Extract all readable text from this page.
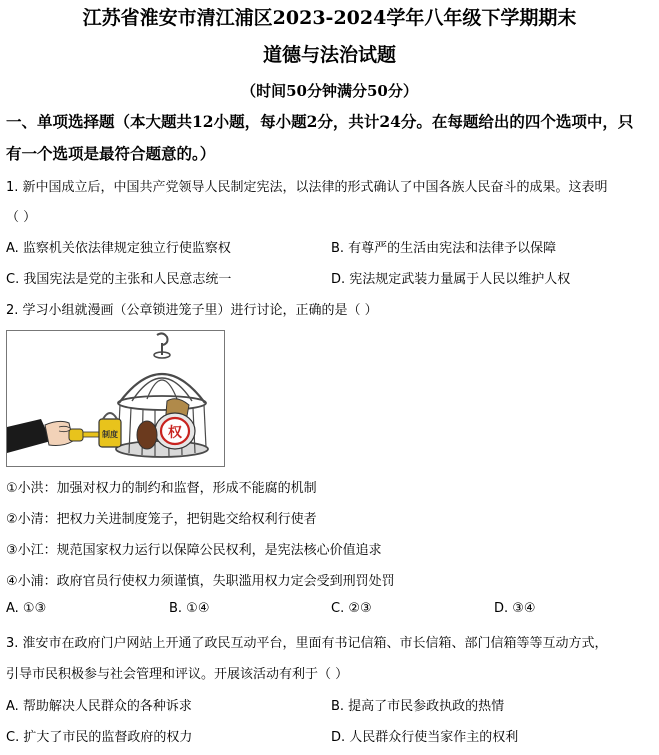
江苏省淮安市清江浦区2023-2024学年八年级下学期期末
道德与法治试题
（时间50分钟满分50分）
一、单项选择题（本大题共12小题，每小题2分，共计24分。在每题给出的四个选项中，只
有一个选项是最符合题意的。）
1. 新中国成立后，中国共产党领导人民制定宪法，以法律的形式确认了中国各族人民奋斗的成果。这表明
（ ）
A. 监察机关依法律规定独立行使监察权	B. 有尊严的生活由宪法和法律予以保障
C. 我国宪法是党的主张和人民意志统一	D. 宪法规定武装力量属于人民以维护人权
2. 学习小组就漫画（公章锁进笼子里）进行讨论，正确的是（ ）
权
制度
①小洪：加强对权力的制约和监督，形成不能腐的机制
②小清：把权力关进制度笼子，把钥匙交给权利行使者
③小江：规范国家权力运行以保障公民权利，是宪法核心价值追求
④小浦：政府官员行使权力须谨慎，失职滥用权力定会受到刑罚处罚
A. ①③	B. ①④	C. ②③	D. ③④
3. 淮安市在政府门户网站上开通了政民互动平台，里面有书记信箱、市长信箱、部门信箱等等互动方式，
引导市民积极参与社会管理和评议。开展该活动有利于（ ）
A. 帮助解决人民群众的各种诉求	B. 提高了市民参政执政的热情
C. 扩大了市民的监督政府的权力	D. 人民群众行使当家作主的权利
